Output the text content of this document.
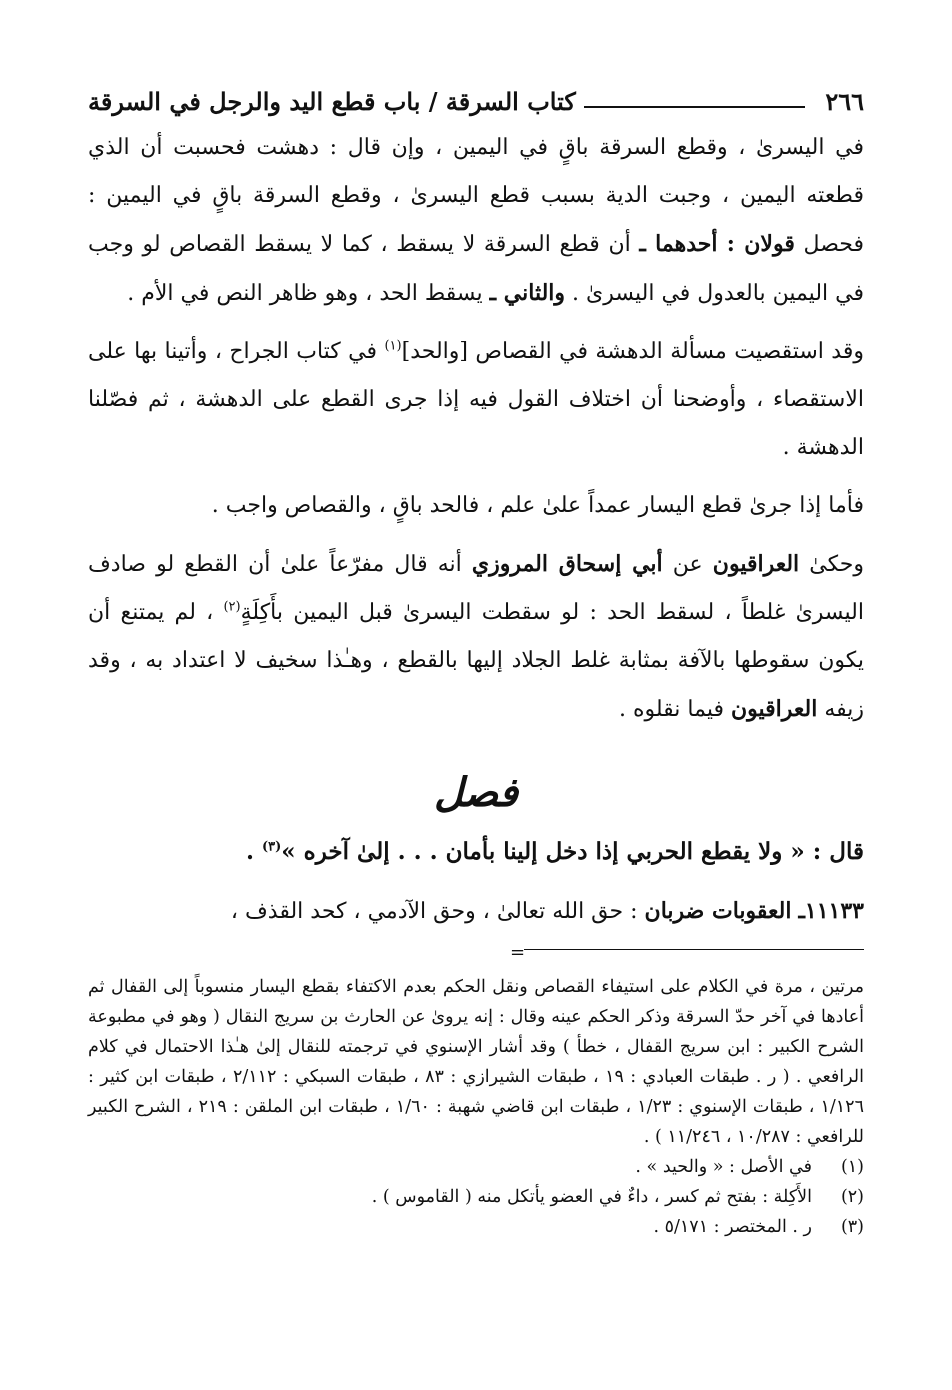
٢٦٦
كتاب السرقة / باب قطع اليد والرجل في السرقة

في اليسرىٰ ، وقطع السرقة باقٍ في اليمين ، وإن قال : دهشت فحسبت أن الذي قطعته اليمين ، وجبت الدية بسبب قطع اليسرىٰ ، وقطع السرقة باقٍ في اليمين : فحصل قولان : أحدهما ـ أن قطع السرقة لا يسقط ، كما لا يسقط القصاص لو وجب في اليمين بالعدول في اليسرىٰ . والثاني ـ يسقط الحد ، وهو ظاهر النص في الأم .

وقد استقصيت مسألة الدهشة في القصاص [والحد]$^{(١)}$ في كتاب الجراح ، وأتينا بها على الاستقصاء ، وأوضحنا أن اختلاف القول فيه إذا جرى القطع على الدهشة ، ثم فصّلنا الدهشة .

فأما إذا جرىٰ قطع اليسار عمداً علىٰ علم ، فالحد باقٍ ، والقصاص واجب .

وحكىٰ العراقيون عن أبي إسحاق المروزي أنه قال مفرّعاً علىٰ أن القطع لو صادف اليسرىٰ غلطاً ، لسقط الحد : لو سقطت اليسرىٰ قبل اليمين بأَكِلَةٍ$^{(٢)}$ ، لم يمتنع أن يكون سقوطها بالآفة بمثابة غلط الجلاد إليها بالقطع ، وهـٰذا سخيف لا اعتداد به ، وقد زيفه العراقيون فيما نقلوه .

فصل

قال : « ولا يقطع الحربي إذا دخل إلينا بأمان . . . إلىٰ آخره »$^{(٣)}$ .

١١١٣٣ـ العقوبات ضربان : حق الله تعالىٰ ، وحق الآدمي ، كحد القذف ،

=

مرتين ، مرة في الكلام على استيفاء القصاص ونقل الحكم بعدم الاكتفاء بقطع اليسار منسوباً إلى القفال ثم أعادها في آخر حدّ السرقة وذكر الحكم عينه وقال : إنه يروىٰ عن الحارث بن سريج النقال ( وهو في مطبوعة الشرح الكبير : ابن سريج القفال ، خطأ ) وقد أشار الإسنوي في ترجمته للنقال إلىٰ هـٰذا الاحتمال في كلام الرافعي . ( ر . طبقات العبادي : ١٩ ، طبقات الشيرازي : ٨٣ ، طبقات السبكي : ٢/١١٢ ، طبقات ابن كثير : ١/١٢٦ ، طبقات الإسنوي : ١/٢٣ ، طبقات ابن قاضي شهبة : ١/٦٠ ، طبقات ابن الملقن : ٢١٩ ، الشرح الكبير للرافعي : ١٠/٢٨٧ ، ١١/٢٤٦ ) .

(١)
في الأصل : « والحيد » .

(٢)
الأَكِلة : بفتح ثم كسر ، داءٌ في العضو يأتكل منه ( القاموس ) .

(٣)
ر . المختصر : ٥/١٧١ .
